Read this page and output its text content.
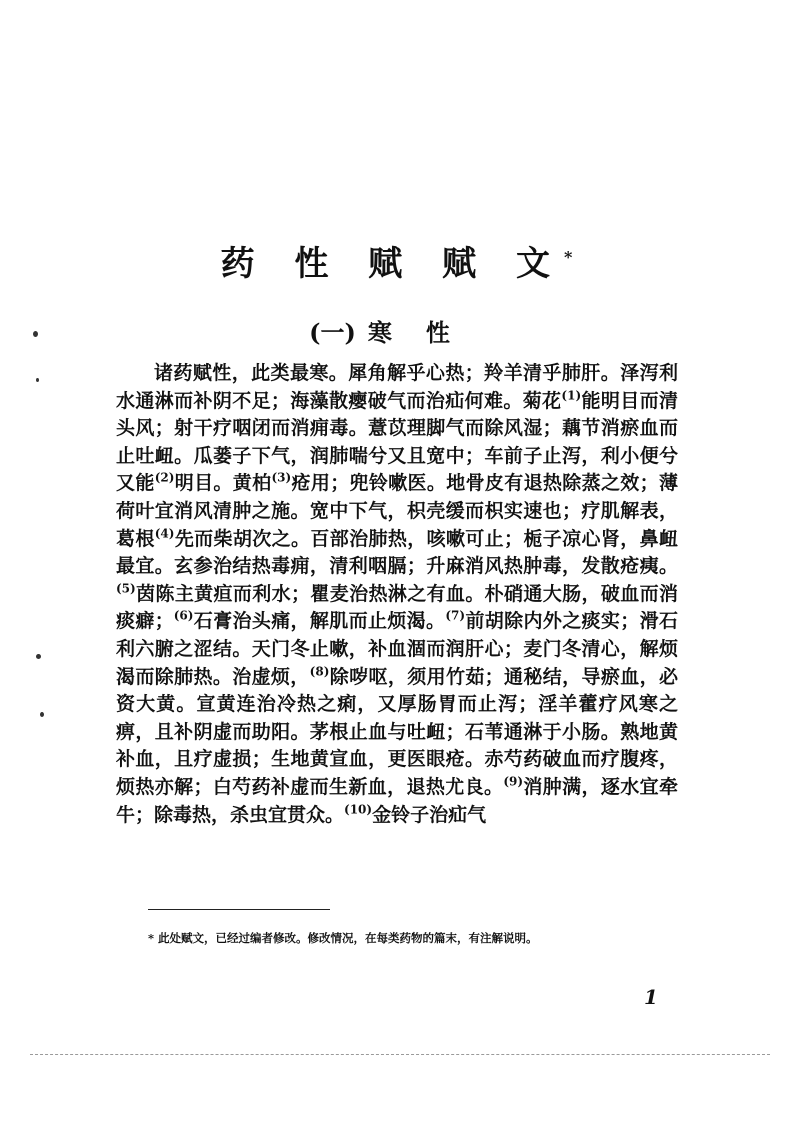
药 性 赋 赋 文*
(一) 寒性

诸药赋性，此类最寒。犀角解乎心热；羚羊清乎肺肝。泽泻利水通淋而补阴不足；海藻散瘿破气而治疝何难。菊花$^{(1)}$能明目而清头风；射干疗咽闭而消痈毒。薏苡理脚气而除风湿；藕节消瘀血而止吐衄。瓜蒌子下气，润肺喘兮又且宽中；车前子止泻，利小便兮又能$^{(2)}$明目。黄柏$^{(3)}$疮用；兜铃嗽医。地骨皮有退热除蒸之效；薄荷叶宜消风清肿之施。宽中下气，枳壳缓而枳实速也；疗肌解表，葛根$^{(4)}$先而柴胡次之。百部治肺热，咳嗽可止；栀子凉心肾，鼻衄最宜。玄参治结热毒痈，清利咽膈；升麻消风热肿毒，发散疮痍。$^{(5)}$茵陈主黄疸而利水；瞿麦治热淋之有血。朴硝通大肠，破血而消痰癖；$^{(6)}$石膏治头痛，解肌而止烦渴。$^{(7)}$前胡除内外之痰实；滑石利六腑之涩结。天门冬止嗽，补血涸而润肝心；麦门冬清心，解烦渴而除肺热。治虚烦，$^{(8)}$除哕呕，须用竹茹；通秘结，导瘀血，必资大黄。宣黄连治冷热之痢，又厚肠胃而止泻；淫羊藿疗风寒之痹，且补阴虚而助阳。茅根止血与吐衄；石苇通淋于小肠。熟地黄补血，且疗虚损；生地黄宣血，更医眼疮。赤芍药破血而疗腹疼，烦热亦解；白芍药补虚而生新血，退热尤良。$^{(9)}$消肿满，逐水宜牵牛；除毒热，杀虫宜贯众。$^{(10)}$金铃子治疝气

* 此处赋文，已经过编者修改。修改情况，在每类药物的篇末，有注解说明。

1
